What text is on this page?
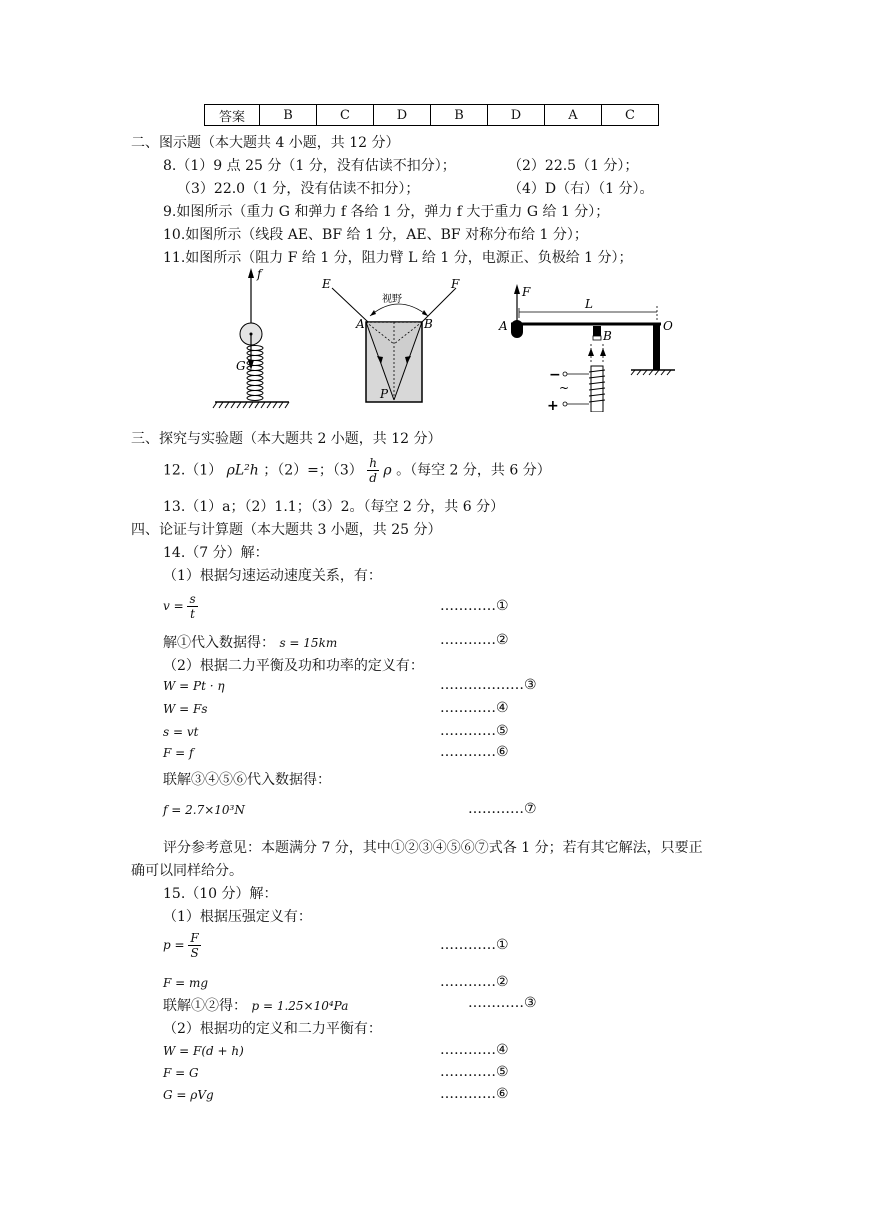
答案	B	C	D	B	D	A	C
二、图示题（本大题共 4 小题，共 12 分）
8.（1）9 点 25 分（1 分，没有估读不扣分）；	（2）22.5（1 分）；
（3）22.0（1 分，没有估读不扣分）；	（4）D（右）（1 分）。
9.如图所示（重力 G 和弹力 f 各给 1 分，弹力 f 大于重力 G 给 1 分）；
10.如图所示（线段 AE、BF 给 1 分，AE、BF 对称分布给 1 分）；
11.如图所示（阻力 F 给 1 分，阻力臂 L 给 1 分，电源正、负极给 1 分）；
f
G
E	F
视野
A	B
P
F
A
L
O
B
−
~
+
三、探究与实验题（本大题共 2 小题，共 12 分）
12.（1） ρL²h ；（2）=；$(3) \frac{h}{d}$ ρ 。（每空 2 分，共 6 分）
13.（1）a；（2）1.1；（3）2。（每空 2 分，共 6 分）
四、论证与计算题（本大题共 3 小题，共 25 分）
14.（7 分）解：
（1）根据匀速运动速度关系，有：
$v = \frac{s}{t}$	…………①
解①代入数据得： s = 15km	…………②
（2）根据二力平衡及功和功率的定义有：
W = Pt · η	………………③
W = Fs	…………④
s = vt	…………⑤
F = f	…………⑥
联解③④⑤⑥代入数据得：
f = 2.7×10³N	…………⑦
评分参考意见：本题满分 7 分，其中①②③④⑤⑥⑦式各 1 分；若有其它解法，只要正
确可以同样给分。
15.（10 分）解：
（1）根据压强定义有：
$p = \frac{F}{S}$	…………①
F = mg	…………②
联解①②得： p = 1.25×10⁴Pa	…………③
（2）根据功的定义和二力平衡有：
W = F(d + h)	…………④
F = G	…………⑤
G = ρVg	…………⑥
